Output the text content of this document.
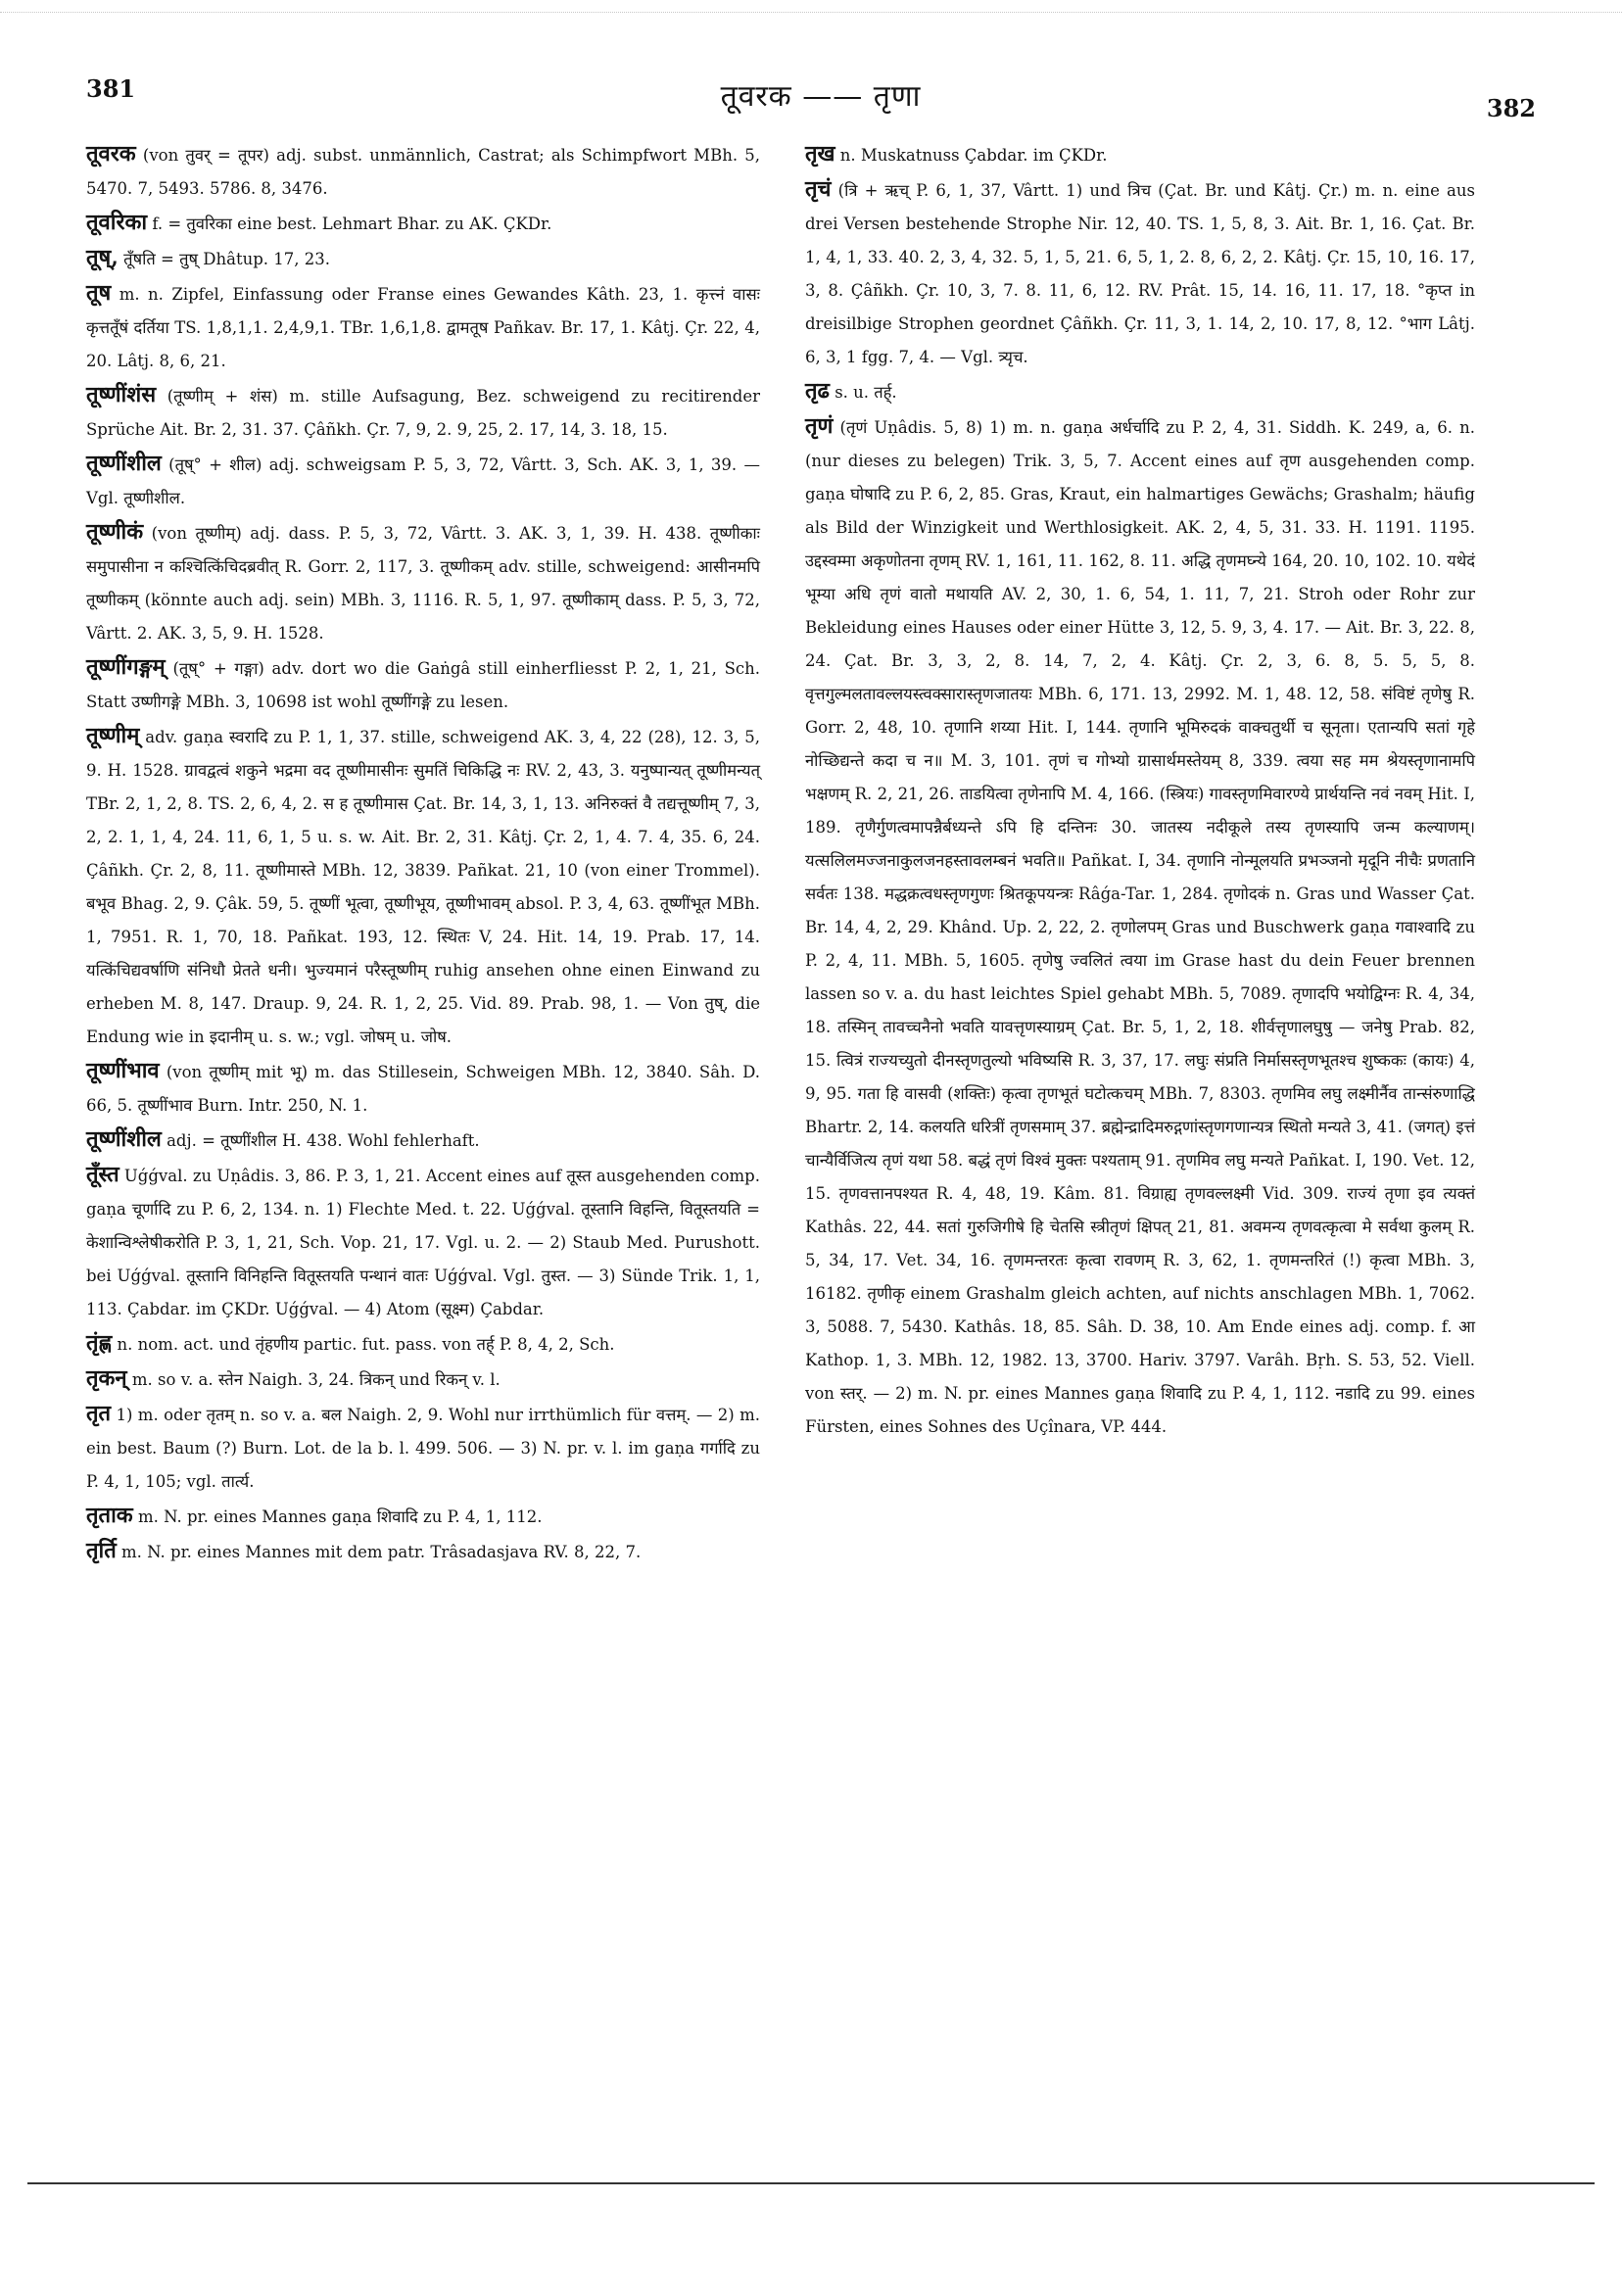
381	तूवरक —— तृणा	382

तूवरक (von तुवर् = तूपर) adj. subst. unmännlich, Castrat; als Schimpfwort MBh. 5, 5470. 7, 5493. 5786. 8, 3476.

तूवरिका f. = तुवरिका eine best. Lehmart Bhar. zu AK. ÇKDr.

तूष्, तूँषति = तुष् Dhâtup. 17, 23.

तूष m. n. Zipfel, Einfassung oder Franse eines Gewandes Kâth. 23, 1. कृत्त्नं वासः कृत्ततूँषं दर्तिया TS. 1,8,1,1. 2,4,9,1. TBr. 1,6,1,8. द्वामतूष Pañkav. Br. 17, 1. Kâtj. Çr. 22, 4, 20. Lâtj. 8, 6, 21.

तूष्णींशंस (तूष्णीम् + शंस) m. stille Aufsagung, Bez. schweigend zu recitirender Sprüche Ait. Br. 2, 31. 37. Çâñkh. Çr. 7, 9, 2. 9, 25, 2. 17, 14, 3. 18, 15.

तूष्णींशील (तूष्° + शील) adj. schweigsam P. 5, 3, 72, Vârtt. 3, Sch. AK. 3, 1, 39. — Vgl. तूष्णीशील.

तूष्णीकं (von तूष्णीम्) adj. dass. P. 5, 3, 72, Vârtt. 3. AK. 3, 1, 39. H. 438. तूष्णीकाः समुपासीना न कश्चित्किंचिदब्रवीत् R. Gorr. 2, 117, 3. तूष्णीकम् adv. stille, schweigend: आसीनमपि तूष्णीकम् (könnte auch adj. sein) MBh. 3, 1116. R. 5, 1, 97. तूष्णीकाम् dass. P. 5, 3, 72, Vârtt. 2. AK. 3, 5, 9. H. 1528.

तूष्णींगङ्गम् (तूष्° + गङ्गा) adv. dort wo die Gaṅgâ still einherfliesst P. 2, 1, 21, Sch. Statt उष्णीगङ्गे MBh. 3, 10698 ist wohl तूष्णींगङ्गे zu lesen.

तूष्णीम् adv. gaṇa स्वरादि zu P. 1, 1, 37. stille, schweigend AK. 3, 4, 22 (28), 12. 3, 5, 9. H. 1528. ग्रावद्वत्वं शकुने भद्रमा वद तूष्णीमासीनः सुमतिं चिकिद्धि नः RV. 2, 43, 3. यनुष्पान्यत् तूष्णीमन्यत् TBr. 2, 1, 2, 8. TS. 2, 6, 4, 2. स ह तूष्णीमास Çat. Br. 14, 3, 1, 13. अनिरुक्तं वै तद्यत्तूष्णीम् 7, 3, 2, 2. 1, 1, 4, 24. 11, 6, 1, 5 u. s. w. Ait. Br. 2, 31. Kâtj. Çr. 2, 1, 4. 7. 4, 35. 6, 24. Çâñkh. Çr. 2, 8, 11. तूष्णीमास्ते MBh. 12, 3839. Pañkat. 21, 10 (von einer Trommel). बभूव Bhag. 2, 9. Çâk. 59, 5. तूष्णीं भूत्वा, तूष्णीभूय, तूष्णीभावम् absol. P. 3, 4, 63. तूष्णींभूत MBh. 1, 7951. R. 1, 70, 18. Pañkat. 193, 12. स्थितः V, 24. Hit. 14, 19. Prab. 17, 14. यत्किंचिद्यवर्षाणि संनिधौ प्रेतते धनी। भुज्यमानं परैस्तूष्णीम् ruhig ansehen ohne einen Einwand zu erheben M. 8, 147. Draup. 9, 24. R. 1, 2, 25. Vid. 89. Prab. 98, 1. — Von तुष्, die Endung wie in इदानीम् u. s. w.; vgl. जोषम् u. जोष.

तूष्णींभाव (von तूष्णीम् mit भू) m. das Stillesein, Schweigen MBh. 12, 3840. Sâh. D. 66, 5. तूष्णींभाव Burn. Intr. 250, N. 1.

तूष्णींशील adj. = तूष्णींशील H. 438. Wohl fehlerhaft.

तूँस्त Uǵǵval. zu Uṇâdis. 3, 86. P. 3, 1, 21. Accent eines auf तूस्त ausgehenden comp. gaṇa चूर्णादि zu P. 6, 2, 134. n. 1) Flechte Med. t. 22. Uǵǵval. तूस्तानि विहन्ति, वितूस्तयति = केशान्विश्लेषीकरोति P. 3, 1, 21, Sch. Vop. 21, 17. Vgl. u. 2. — 2) Staub Med. Purushott. bei Uǵǵval. तूस्तानि विनिहन्ति वितूस्तयति पन्थानं वातः Uǵǵval. Vgl. तुस्त. — 3) Sünde Trik. 1, 1, 113. Çabdar. im ÇKDr. Uǵǵval. — 4) Atom (सूक्ष्म) Çabdar.

तृंह्ण n. nom. act. und तृंहणीय partic. fut. pass. von तर्ह् P. 8, 4, 2, Sch.

तृकन् m. so v. a. स्तेन Naigh. 3, 24. त्रिकन् und रिकन् v. l.

तृत 1) m. oder तृतम् n. so v. a. बल Naigh. 2, 9. Wohl nur irrthümlich für वत्तम्. — 2) m. ein best. Baum (?) Burn. Lot. de la b. l. 499. 506. — 3) N. pr. v. l. im gaṇa गर्गादि zu P. 4, 1, 105; vgl. तार्त्य.

तृताक m. N. pr. eines Mannes gaṇa शिवादि zu P. 4, 1, 112.

तृर्ति m. N. pr. eines Mannes mit dem patr. Trâsadasjava RV. 8, 22, 7.

तृख n. Muskatnuss Çabdar. im ÇKDr.

तृचं (त्रि + ऋच् P. 6, 1, 37, Vârtt. 1) und त्रिच (Çat. Br. und Kâtj. Çr.) m. n. eine aus drei Versen bestehende Strophe Nir. 12, 40. TS. 1, 5, 8, 3. Ait. Br. 1, 16. Çat. Br. 1, 4, 1, 33. 40. 2, 3, 4, 32. 5, 1, 5, 21. 6, 5, 1, 2. 8, 6, 2, 2. Kâtj. Çr. 15, 10, 16. 17, 3, 8. Çâñkh. Çr. 10, 3, 7. 8. 11, 6, 12. RV. Prât. 15, 14. 16, 11. 17, 18. °कृप्त in dreisilbige Strophen geordnet Çâñkh. Çr. 11, 3, 1. 14, 2, 10. 17, 8, 12. °भाग Lâtj. 6, 3, 1 fgg. 7, 4. — Vgl. त्र्यृच.

तृढ s. u. तर्ह्.

तृणं (तृणं Uṇâdis. 5, 8) 1) m. n. gaṇa अर्धर्चादि zu P. 2, 4, 31. Siddh. K. 249, a, 6. n. (nur dieses zu belegen) Trik. 3, 5, 7. Accent eines auf तृण ausgehenden comp. gaṇa घोषादि zu P. 6, 2, 85. Gras, Kraut, ein halmartiges Gewächs; Grashalm; häufig als Bild der Winzigkeit und Werthlosigkeit. AK. 2, 4, 5, 31. 33. H. 1191. 1195. उद्दस्वम्मा अकृणोतना तृणम् RV. 1, 161, 11. 162, 8. 11. अद्धि तृणमघ्न्ये 164, 20. 10, 102. 10. यथेदं भूम्या अधि तृणं वातो मथायति AV. 2, 30, 1. 6, 54, 1. 11, 7, 21. Stroh oder Rohr zur Bekleidung eines Hauses oder einer Hütte 3, 12, 5. 9, 3, 4. 17. — Ait. Br. 3, 22. 8, 24. Çat. Br. 3, 3, 2, 8. 14, 7, 2, 4. Kâtj. Çr. 2, 3, 6. 8, 5. 5, 5, 8. वृत्तगुल्मलतावल्लयस्त्वक्सारास्तृणजातयः MBh. 6, 171. 13, 2992. M. 1, 48. 12, 58. संविष्टं तृणेषु R. Gorr. 2, 48, 10. तृणानि शय्या Hit. I, 144. तृणानि भूमिरुदकं वाक्चतुर्थी च सूनृता। एतान्यपि सतां गृहे नोच्छिद्यन्ते कदा च न॥ M. 3, 101. तृणं च गोभ्यो ग्रासार्थमस्तेयम् 8, 339. त्वया सह मम श्रेयस्तृणानामपि भक्षणम् R. 2, 21, 26. ताडयित्वा तृणेनापि M. 4, 166. (स्त्रियः) गावस्तृणमिवारण्ये प्रार्थयन्ति नवं नवम् Hit. I, 189. तृणैर्गुणत्वमापन्नैर्बध्यन्ते ऽपि हि दन्तिनः 30. जातस्य नदीकूले तस्य तृणस्यापि जन्म कल्याणम्। यत्सलिलमज्जनाकुलजनहस्तावलम्बनं भवति॥ Pañkat. I, 34. तृणानि नोन्मूलयति प्रभञ्जनो मृदूनि नीचैः प्रणतानि सर्वतः 138. मद्धक्रत्वधस्तृणगुणः श्रितकूपयन्त्रः Râǵa-Tar. 1, 284. तृणोदकं n. Gras und Wasser Çat. Br. 14, 4, 2, 29. Khând. Up. 2, 22, 2. तृणोलपम् Gras und Buschwerk gaṇa गवाश्वादि zu P. 2, 4, 11. MBh. 5, 1605. तृणेषु ज्वलितं त्वया im Grase hast du dein Feuer brennen lassen so v. a. du hast leichtes Spiel gehabt MBh. 5, 7089. तृणादपि भयोद्विग्नः R. 4, 34, 18. तस्मिन् तावच्चनैनो भवति यावत्तृणस्याग्रम् Çat. Br. 5, 1, 2, 18. शीर्वत्तृणालघुषु — जनेषु Prab. 82, 15. त्वित्रं राज्यच्युतो दीनस्तृणतुल्यो भविष्यसि R. 3, 37, 17. लघुः संप्रति निर्मासस्तृणभूतश्च शुष्ककः (कायः) 4, 9, 95. गता हि वासवी (शक्तिः) कृत्वा तृणभूतं घटोत्कचम् MBh. 7, 8303. तृणमिव लघु लक्ष्मीर्नैव तान्संरुणाद्धि Bhartr. 2, 14. कलयति धरित्रीं तृणसमाम् 37. ब्रह्मेन्द्रादिमरुद्गणांस्तृणगणान्यत्र स्थितो मन्यते 3, 41. (जगत्) इत्तं चान्यैर्विजित्य तृणं यथा 58. बद्धं तृणं विश्वं मुक्तः पश्यताम् 91. तृणमिव लघु मन्यते Pañkat. I, 190. Vet. 12, 15. तृणवत्तानपश्यत R. 4, 48, 19. Kâm. 81. विग्राह्य तृणवल्लक्ष्मी Vid. 309. राज्यं तृणा इव त्यक्तं Kathâs. 22, 44. सतां गुरुजिगीषे हि चेतसि स्त्रीतृणं क्षिपत् 21, 81. अवमन्य तृणवत्कृत्वा मे सर्वथा कुलम् R. 5, 34, 17. Vet. 34, 16. तृणमन्तरतः कृत्वा रावणम् R. 3, 62, 1. तृणमन्तरितं (!) कृत्वा MBh. 3, 16182. तृणीकृ einem Grashalm gleich achten, auf nichts anschlagen MBh. 1, 7062. 3, 5088. 7, 5430. Kathâs. 18, 85. Sâh. D. 38, 10. Am Ende eines adj. comp. f. आ Kathop. 1, 3. MBh. 12, 1982. 13, 3700. Hariv. 3797. Varâh. Bṛh. S. 53, 52. Viell. von स्तर्. — 2) m. N. pr. eines Mannes gaṇa शिवादि zu P. 4, 1, 112. नडादि zu 99. eines Fürsten, eines Sohnes des Uçînara, VP. 444.
